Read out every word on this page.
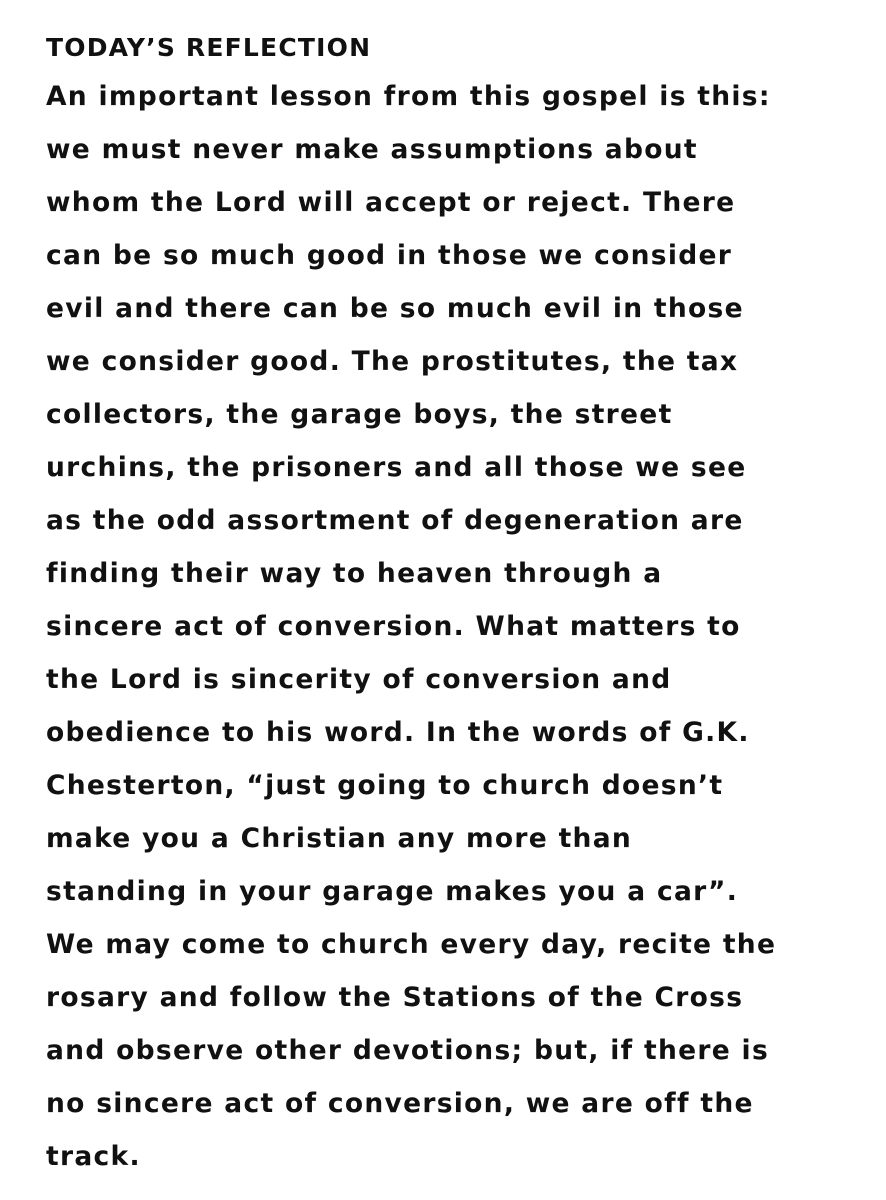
TODAY’S REFLECTION
An important lesson from this gospel is this:
we must never make assumptions about
whom the Lord will accept or reject. There
can be so much good in those we consider
evil and there can be so much evil in those
we consider good. The prostitutes, the tax
collectors, the garage boys, the street
urchins, the prisoners and all those we see
as the odd assortment of degeneration are
finding their way to heaven through a
sincere act of conversion. What matters to
the Lord is sincerity of conversion and
obedience to his word. In the words of G.K.
Chesterton, “just going to church doesn’t
make you a Christian any more than
standing in your garage makes you a car”.
We may come to church every day, recite the
rosary and follow the Stations of the Cross
and observe other devotions; but, if there is
no sincere act of conversion, we are off the
track.
